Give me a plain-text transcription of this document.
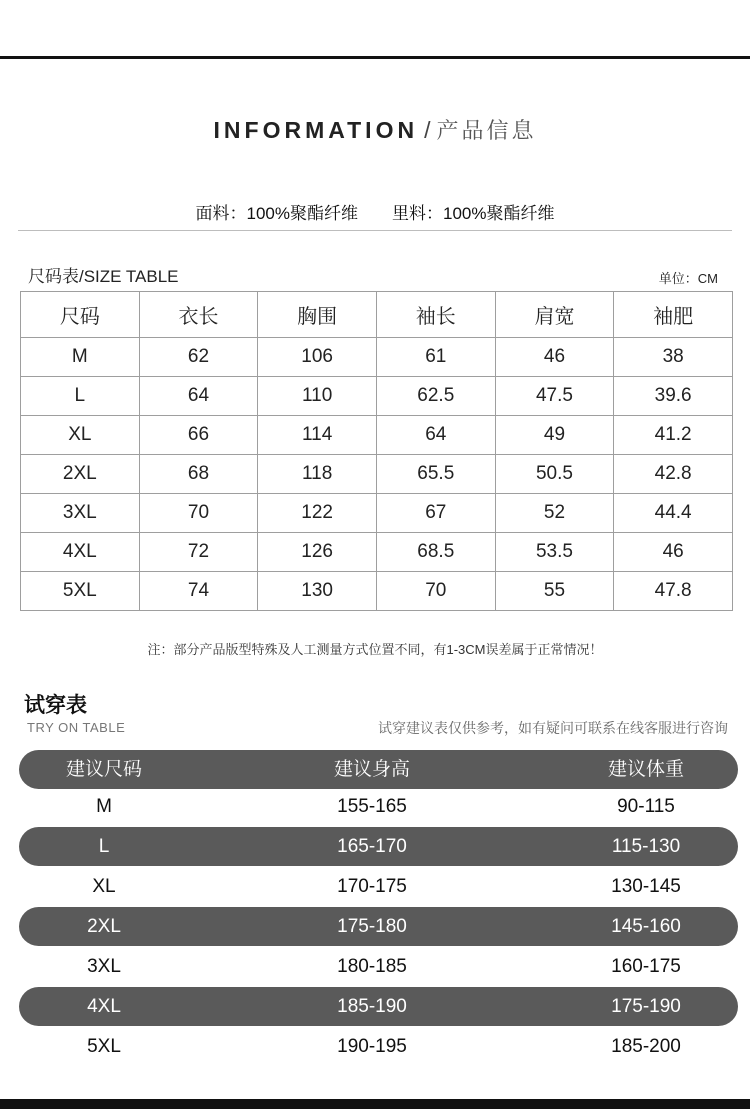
INFORMATION / 产品信息
面料：100%聚酯纤维 里料：100%聚酯纤维
尺码表/SIZE TABLE	单位：CM
尺码	衣长	胸围	袖长	肩宽	袖肥
M	62	106	61	46	38
L	64	110	62.5	47.5	39.6
XL	66	114	64	49	41.2
2XL	68	118	65.5	50.5	42.8
3XL	70	122	67	52	44.4
4XL	72	126	68.5	53.5	46
5XL	74	130	70	55	47.8
注：部分产品版型特殊及人工测量方式位置不同，有1-3CM误差属于正常情况！
试穿表
TRY ON TABLE	试穿建议表仅供参考，如有疑问可联系在线客服进行咨询
建议尺码	建议身高	建议体重
M	155-165	90-115
L	165-170	115-130
XL	170-175	130-145
2XL	175-180	145-160
3XL	180-185	160-175
4XL	185-190	175-190
5XL	190-195	185-200
